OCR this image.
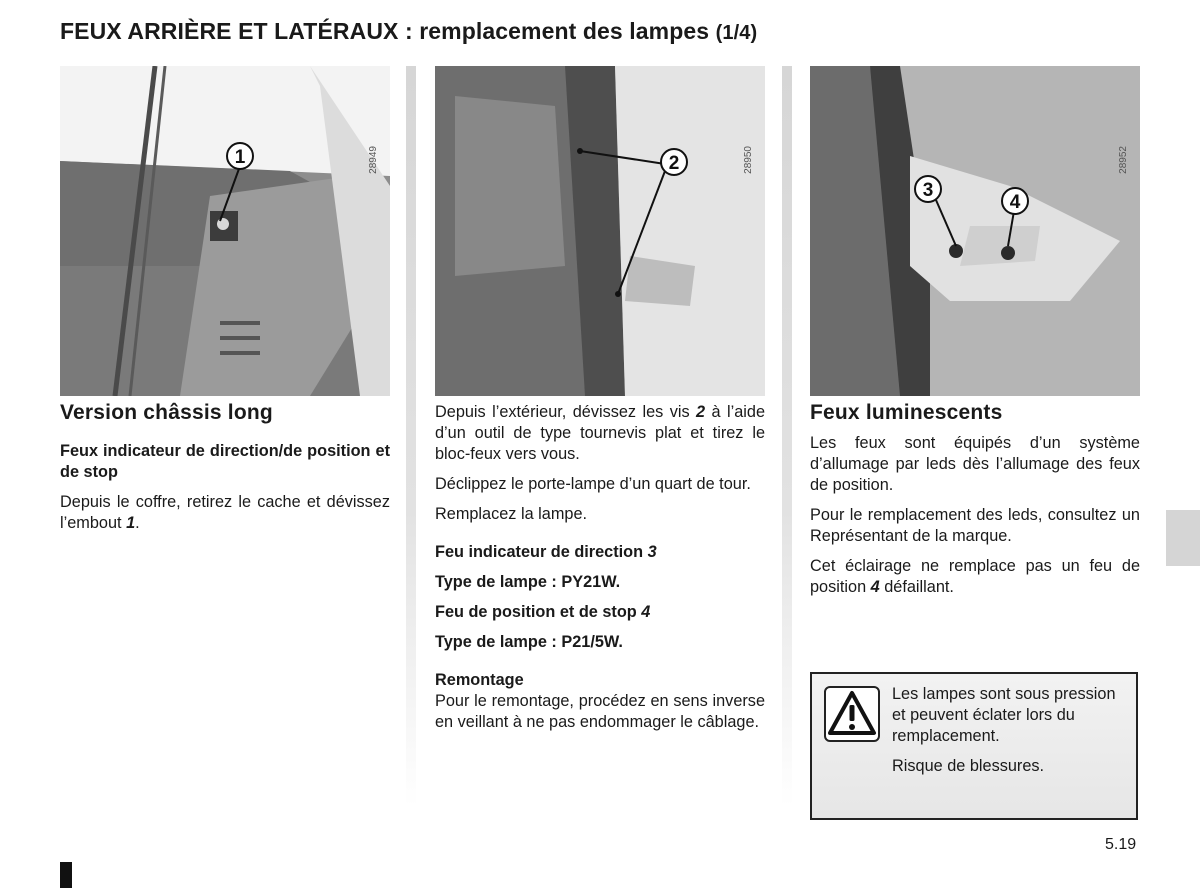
FEUX ARRIÈRE ET LATÉRAUX : remplacement des lampes (1/4)
1	28949	2	28950
3
4
28952

Version châssis long

Feux indicateur de direction/de position et de stop

Depuis le coffre, retirez le cache et dévissez l’embout 1.

Depuis l’extérieur, dévissez les vis 2 à l’aide d’un outil de type tournevis plat et tirez le bloc-feux vers vous.

Déclippez le porte-lampe d’un quart de tour.

Remplacez la lampe.

Feu indicateur de direction 3

Type de lampe : PY21W.

Feu de position et de stop 4

Type de lampe : P21/5W.

Remontage

Pour le remontage, procédez en sens inverse en veillant à ne pas endommager le câblage.

Feux luminescents

Les feux sont équipés d’un système d’allumage par leds dès l’allumage des feux de position.

Pour le remplacement des leds, consultez un Représentant de la marque.

Cet éclairage ne remplace pas un feu de position 4 défaillant.

Les lampes sont sous pression et peuvent éclater lors du remplacement.

Risque de blessures.

5.19
